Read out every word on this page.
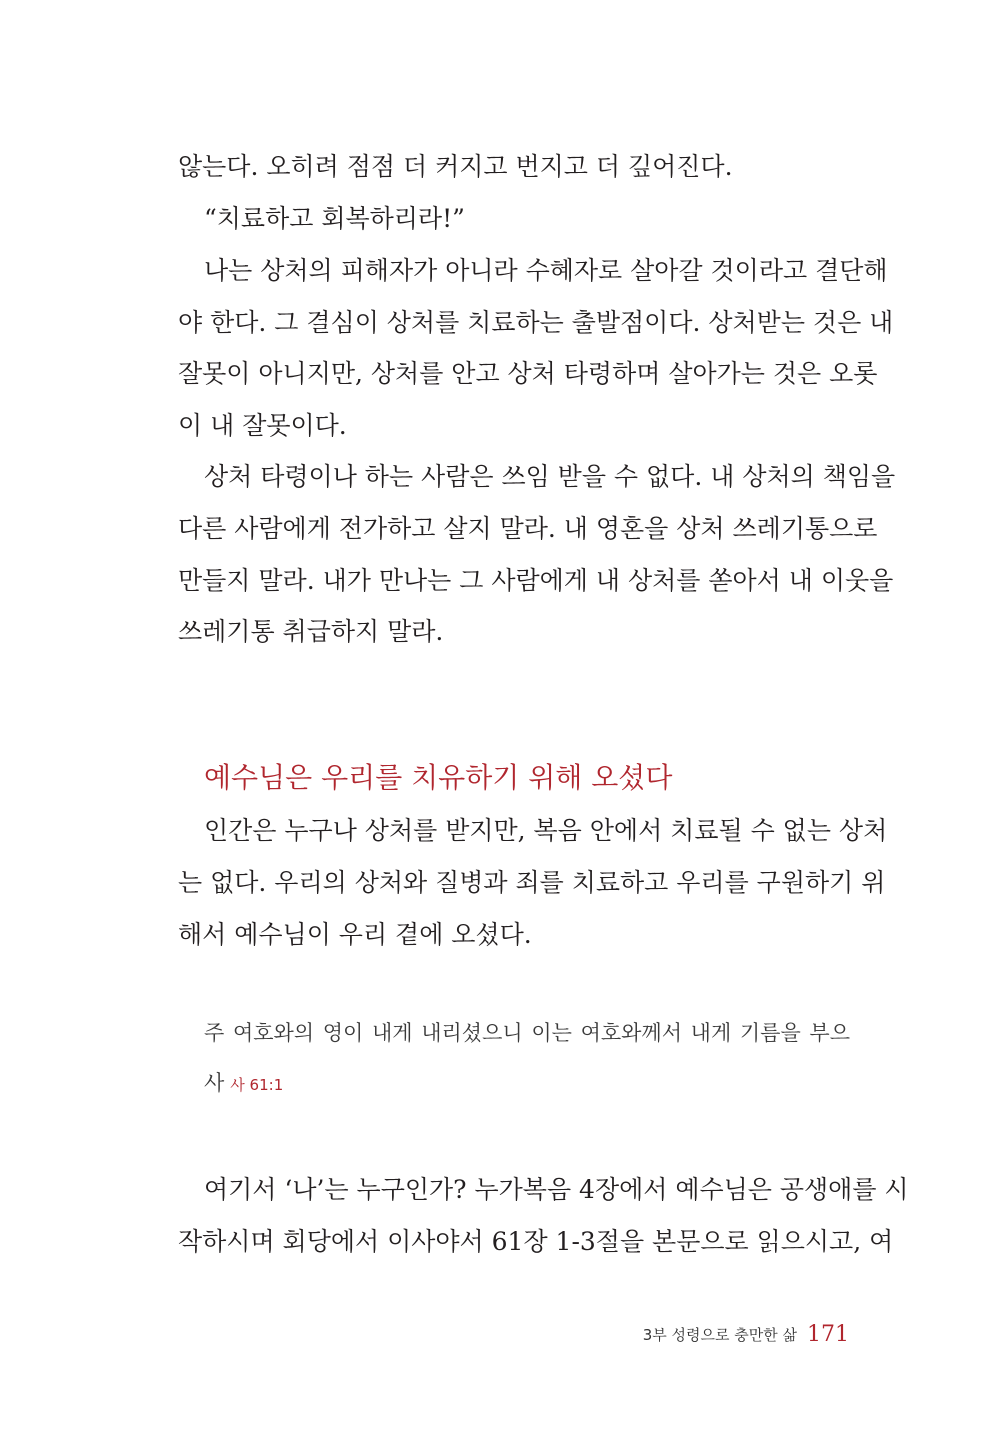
않는다. 오히려 점점 더 커지고 번지고 더 깊어진다.
“치료하고 회복하리라!”
나는 상처의 피해자가 아니라 수혜자로 살아갈 것이라고 결단해
야 한다. 그 결심이 상처를 치료하는 출발점이다. 상처받는 것은 내
잘못이 아니지만, 상처를 안고 상처 타령하며 살아가는 것은 오롯
이 내 잘못이다.
상처 타령이나 하는 사람은 쓰임 받을 수 없다. 내 상처의 책임을
다른 사람에게 전가하고 살지 말라. 내 영혼을 상처 쓰레기통으로
만들지 말라. 내가 만나는 그 사람에게 내 상처를 쏟아서 내 이웃을
쓰레기통 취급하지 말라.
예수님은 우리를 치유하기 위해 오셨다
인간은 누구나 상처를 받지만, 복음 안에서 치료될 수 없는 상처
는 없다. 우리의 상처와 질병과 죄를 치료하고 우리를 구원하기 위
해서 예수님이 우리 곁에 오셨다.
주 여호와의 영이 내게 내리셨으니 이는 여호와께서 내게 기름을 부으
사 사 61:1
여기서 ‘나’는 누구인가? 누가복음 4장에서 예수님은 공생애를 시
작하시며 회당에서 이사야서 61장 1-3절을 본문으로 읽으시고, 여
3부 성령으로 충만한 삶 171
